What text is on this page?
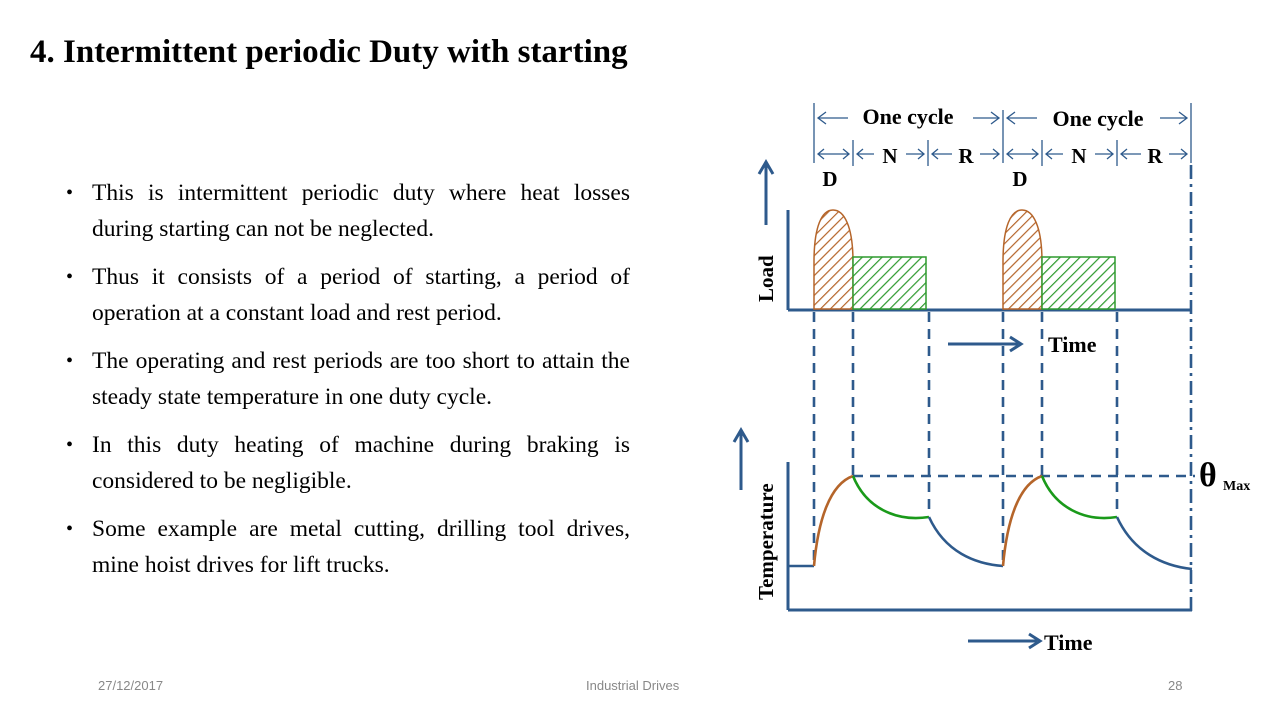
4. Intermittent periodic Duty with starting
• This is intermittent periodic duty where heat losses during starting can not be neglected.
• Thus it consists of a period of starting, a period of operation at a constant load and rest period.
• The operating and rest periods are too short to attain the steady state temperature in one duty cycle.
• In this duty heating of machine during braking is considered to be negligible.
• Some example are metal cutting, drilling tool drives, mine hoist drives for lift trucks.
One cycle	One cycle
D
N	R
D
N	R
Load
Time
Temperature
Time
θ Max
27/12/2017	Industrial Drives	28
